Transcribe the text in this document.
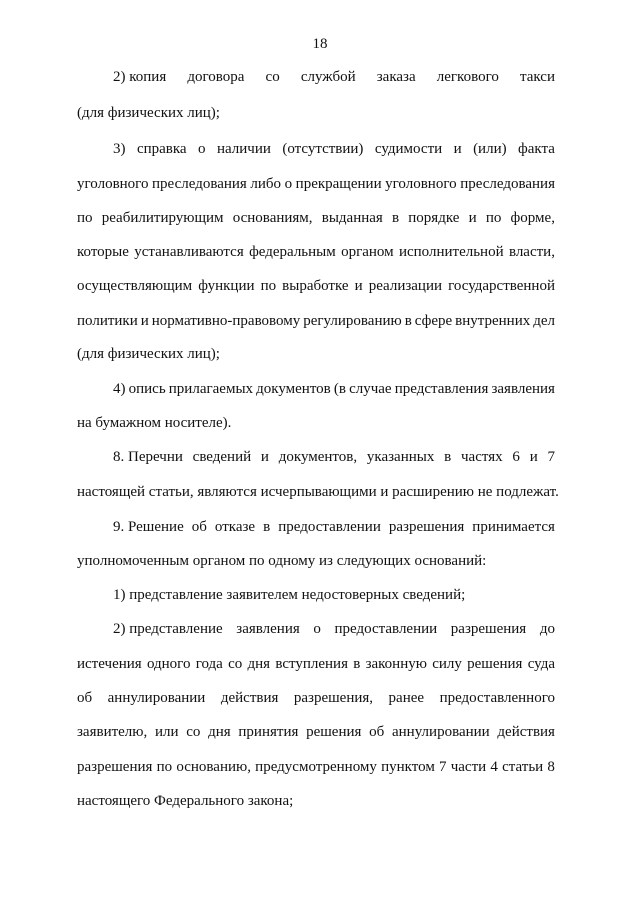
18
2) копия договора со службой заказа легкового такси
(для физических лиц);
3) справка о наличии (отсутствии) судимости и (или) факта
уголовного преследования либо о прекращении уголовного преследования
по реабилитирующим основаниям, выданная в порядке и по форме,
которые устанавливаются федеральным органом исполнительной власти,
осуществляющим функции по выработке и реализации государственной
политики и нормативно-правовому регулированию в сфере внутренних дел
(для физических лиц);
4) опись прилагаемых документов (в случае представления заявления
на бумажном носителе).
8. Перечни сведений и документов, указанных в частях 6 и 7
настоящей статьи, являются исчерпывающими и расширению не подлежат.
9. Решение об отказе в предоставлении разрешения принимается
уполномоченным органом по одному из следующих оснований:
1) представление заявителем недостоверных сведений;
2) представление заявления о предоставлении разрешения до
истечения одного года со дня вступления в законную силу решения суда
об аннулировании действия разрешения, ранее предоставленного
заявителю, или со дня принятия решения об аннулировании действия
разрешения по основанию, предусмотренному пунктом 7 части 4 статьи 8
настоящего Федерального закона;
